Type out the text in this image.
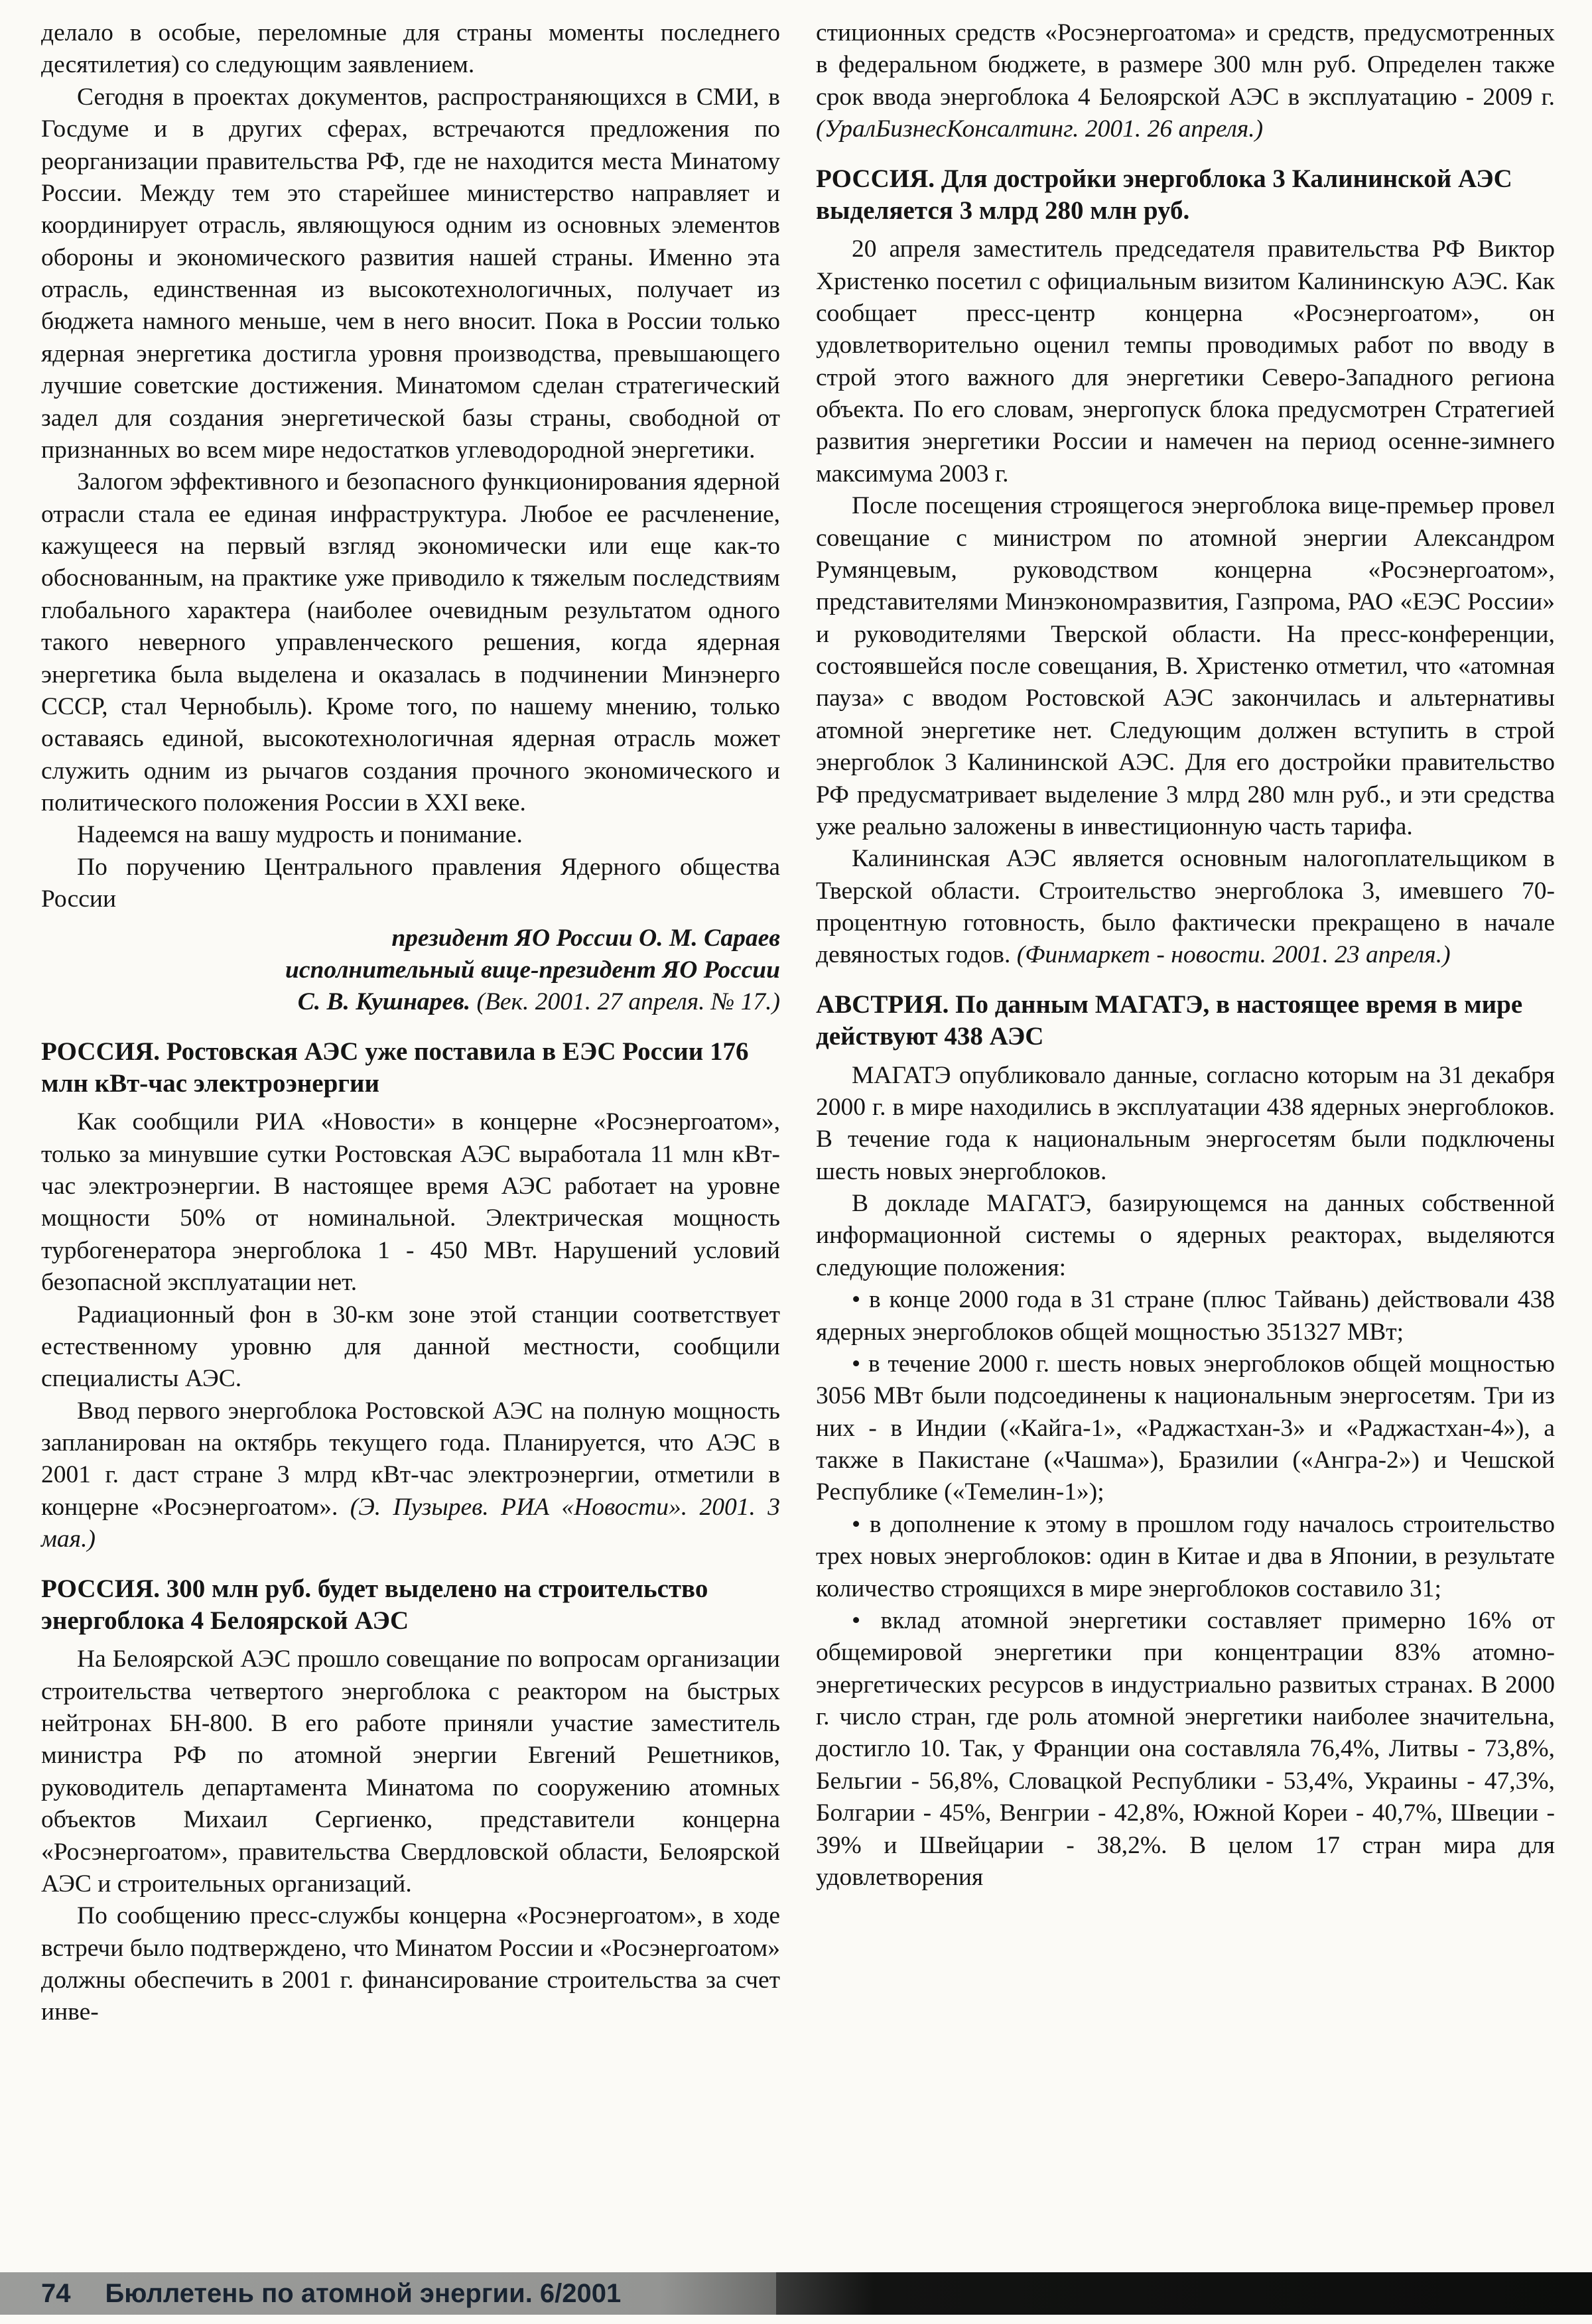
делало в особые, переломные для страны моменты последнего десятилетия) со следующим заявлением.

Сегодня в проектах документов, распространяющихся в СМИ, в Госдуме и в других сферах, встречаются предложения по реорганизации правительства РФ, где не находится места Минатому России. Между тем это старейшее министерство направляет и координирует отрасль, являющуюся одним из основных элементов обороны и экономического развития нашей страны. Именно эта отрасль, единственная из высокотехнологичных, получает из бюджета намного меньше, чем в него вносит. Пока в России только ядерная энергетика достигла уровня производства, превышающего лучшие советские достижения. Минатомом сделан стратегический задел для создания энергетической базы страны, свободной от признанных во всем мире недостатков углеводородной энергетики.

Залогом эффективного и безопасного функционирования ядерной отрасли стала ее единая инфраструктура. Любое ее расчленение, кажущееся на первый взгляд экономически или еще как-то обоснованным, на практике уже приводило к тяжелым последствиям глобального характера (наиболее очевидным результатом одного такого неверного управленческого решения, когда ядерная энергетика была выделена и оказалась в подчинении Минэнерго СССР, стал Чернобыль). Кроме того, по нашему мнению, только оставаясь единой, высокотехнологичная ядерная отрасль может служить одним из рычагов создания прочного экономического и политического положения России в XXI веке.

Надеемся на вашу мудрость и понимание.

По поручению Центрального правления Ядерного общества России

президент ЯО России О. М. Сараев
исполнительный вице-президент ЯО России
С. В. Кушнарев. (Век. 2001. 27 апреля. № 17.)
РОССИЯ. Ростовская АЭС уже поставила в ЕЭС России 176 млн кВт-час электроэнергии

Как сообщили РИА «Новости» в концерне «Росэнергоатом», только за минувшие сутки Ростовская АЭС выработала 11 млн кВт-час электроэнергии. В настоящее время АЭС работает на уровне мощности 50% от номинальной. Электрическая мощность турбогенератора энергоблока 1 - 450 МВт. Нарушений условий безопасной эксплуатации нет.

Радиационный фон в 30-км зоне этой станции соответствует естественному уровню для данной местности, сообщили специалисты АЭС.

Ввод первого энергоблока Ростовской АЭС на полную мощность запланирован на октябрь текущего года. Планируется, что АЭС в 2001 г. даст стране 3 млрд кВт-час электроэнергии, отметили в концерне «Росэнергоатом». (Э. Пузырев. РИА «Новости». 2001. 3 мая.)

РОССИЯ. 300 млн руб. будет выделено на строительство энергоблока 4 Белоярской АЭС

На Белоярской АЭС прошло совещание по вопросам организации строительства четвертого энергоблока с реактором на быстрых нейтронах БН-800. В его работе приняли участие заместитель министра РФ по атомной энергии Евгений Решетников, руководитель департамента Минатома по сооружению атомных объектов Михаил Сергиенко, представители концерна «Росэнергоатом», правительства Свердловской области, Белоярской АЭС и строительных организаций.

По сообщению пресс-службы концерна «Росэнергоатом», в ходе встречи было подтверждено, что Минатом России и «Росэнергоатом» должны обеспечить в 2001 г. финансирование строительства за счет инве-

стиционных средств «Росэнергоатома» и средств, предусмотренных в федеральном бюджете, в размере 300 млн руб. Определен также срок ввода энергоблока 4 Белоярской АЭС в эксплуатацию - 2009 г. (УралБизнесКонсалтинг. 2001. 26 апреля.)

РОССИЯ. Для достройки энергоблока 3 Калининской АЭС выделяется 3 млрд 280 млн руб.

20 апреля заместитель председателя правительства РФ Виктор Христенко посетил с официальным визитом Калининскую АЭС. Как сообщает пресс-центр концерна «Росэнергоатом», он удовлетворительно оценил темпы проводимых работ по вводу в строй этого важного для энергетики Северо-Западного региона объекта. По его словам, энергопуск блока предусмотрен Стратегией развития энергетики России и намечен на период осенне-зимнего максимума 2003 г.

После посещения строящегося энергоблока вице-премьер провел совещание с министром по атомной энергии Александром Румянцевым, руководством концерна «Росэнергоатом», представителями Минэкономразвития, Газпрома, РАО «ЕЭС России» и руководителями Тверской области. На пресс-конференции, состоявшейся после совещания, В. Христенко отметил, что «атомная пауза» с вводом Ростовской АЭС закончилась и альтернативы атомной энергетике нет. Следующим должен вступить в строй энергоблок 3 Калининской АЭС. Для его достройки правительство РФ предусматривает выделение 3 млрд 280 млн руб., и эти средства уже реально заложены в инвестиционную часть тарифа.

Калининская АЭС является основным налогоплательщиком в Тверской области. Строительство энергоблока 3, имевшего 70-процентную готовность, было фактически прекращено в начале девяностых годов. (Финмаркет - новости. 2001. 23 апреля.)

АВСТРИЯ. По данным МАГАТЭ, в настоящее время в мире действуют 438 АЭС

МАГАТЭ опубликовало данные, согласно которым на 31 декабря 2000 г. в мире находились в эксплуатации 438 ядерных энергоблоков. В течение года к национальным энергосетям были подключены шесть новых энергоблоков.

В докладе МАГАТЭ, базирующемся на данных собственной информационной системы о ядерных реакторах, выделяются следующие положения:

• в конце 2000 года в 31 стране (плюс Тайвань) действовали 438 ядерных энергоблоков общей мощностью 351327 МВт;

• в течение 2000 г. шесть новых энергоблоков общей мощностью 3056 МВт были подсоединены к национальным энергосетям. Три из них - в Индии («Кайга-1», «Раджастхан-3» и «Раджастхан-4»), а также в Пакистане («Чашма»), Бразилии («Ангра-2») и Чешской Республике («Темелин-1»);

• в дополнение к этому в прошлом году началось строительство трех новых энергоблоков: один в Китае и два в Японии, в результате количество строящихся в мире энергоблоков составило 31;

• вклад атомной энергетики составляет примерно 16% от общемировой энергетики при концентрации 83% атомно-энергетических ресурсов в индустриально развитых странах. В 2000 г. число стран, где роль атомной энергетики наиболее значительна, достигло 10. Так, у Франции она составляла 76,4%, Литвы - 73,8%, Бельгии - 56,8%, Словацкой Республики - 53,4%, Украины - 47,3%, Болгарии - 45%, Венгрии - 42,8%, Южной Кореи - 40,7%, Швеции - 39% и Швейцарии - 38,2%. В целом 17 стран мира для удовлетворения

74 Бюллетень по атомной энергии. 6/2001
